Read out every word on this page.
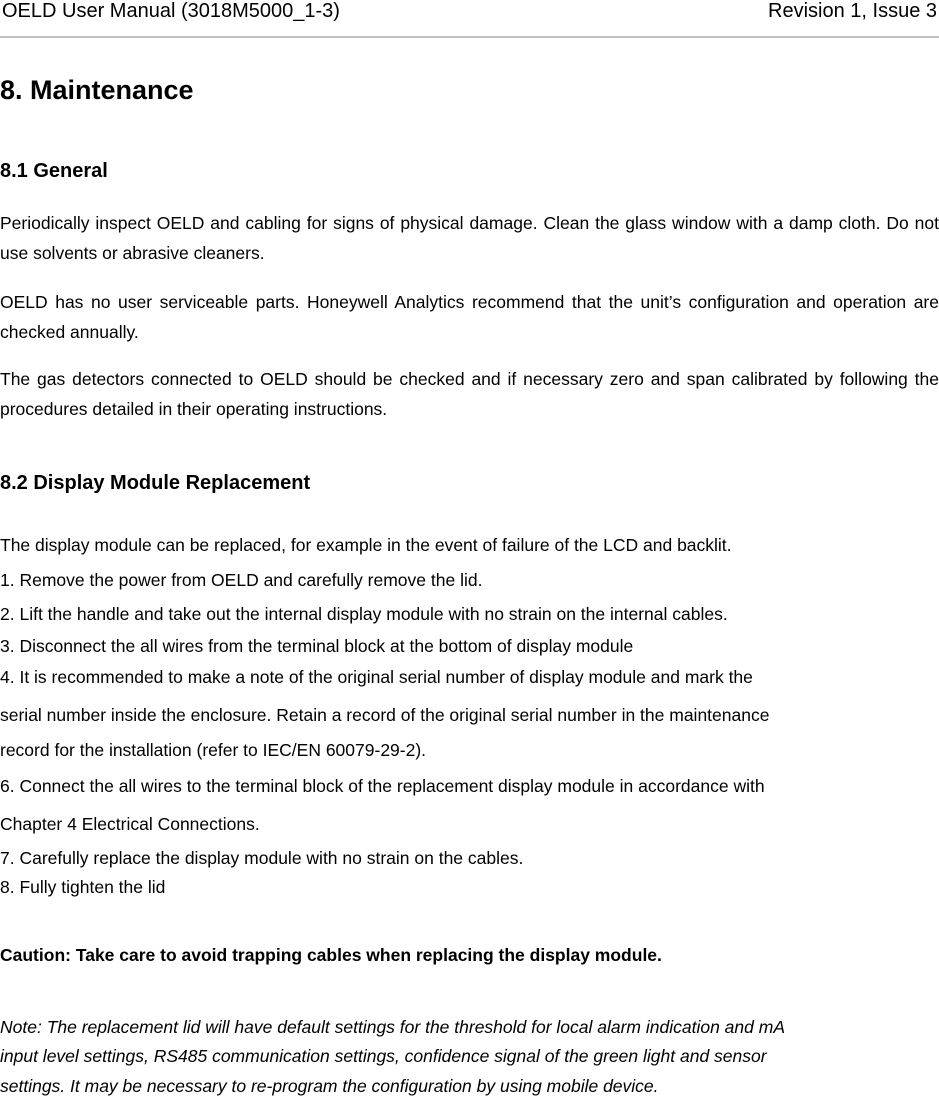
OELD User Manual (3018M5000_1-3)	Revision 1, Issue 3
8. Maintenance
8.1 General
Periodically inspect OELD and cabling for signs of physical damage. Clean the glass window with a damp cloth. Do not use solvents or abrasive cleaners.
OELD has no user serviceable parts. Honeywell Analytics recommend that the unit’s configuration and operation are checked annually.
The gas detectors connected to OELD should be checked and if necessary zero and span calibrated by following the procedures detailed in their operating instructions.
8.2 Display Module Replacement
The display module can be replaced, for example in the event of failure of the LCD and backlit.
1. Remove the power from OELD and carefully remove the lid.
2. Lift the handle and take out the internal display module with no strain on the internal cables.
3. Disconnect the all wires from the terminal block at the bottom of display module
4. It is recommended to make a note of the original serial number of display module and mark the
serial number inside the enclosure. Retain a record of the original serial number in the maintenance
record for the installation (refer to IEC/EN 60079-29-2).
6. Connect the all wires to the terminal block of the replacement display module in accordance with
Chapter 4 Electrical Connections.
7. Carefully replace the display module with no strain on the cables.
8. Fully tighten the lid
Caution: Take care to avoid trapping cables when replacing the display module.
Note: The replacement lid will have default settings for the threshold for local alarm indication and mA
input level settings, RS485 communication settings, confidence signal of the green light and sensor
settings. It may be necessary to re-program the configuration by using mobile device.
